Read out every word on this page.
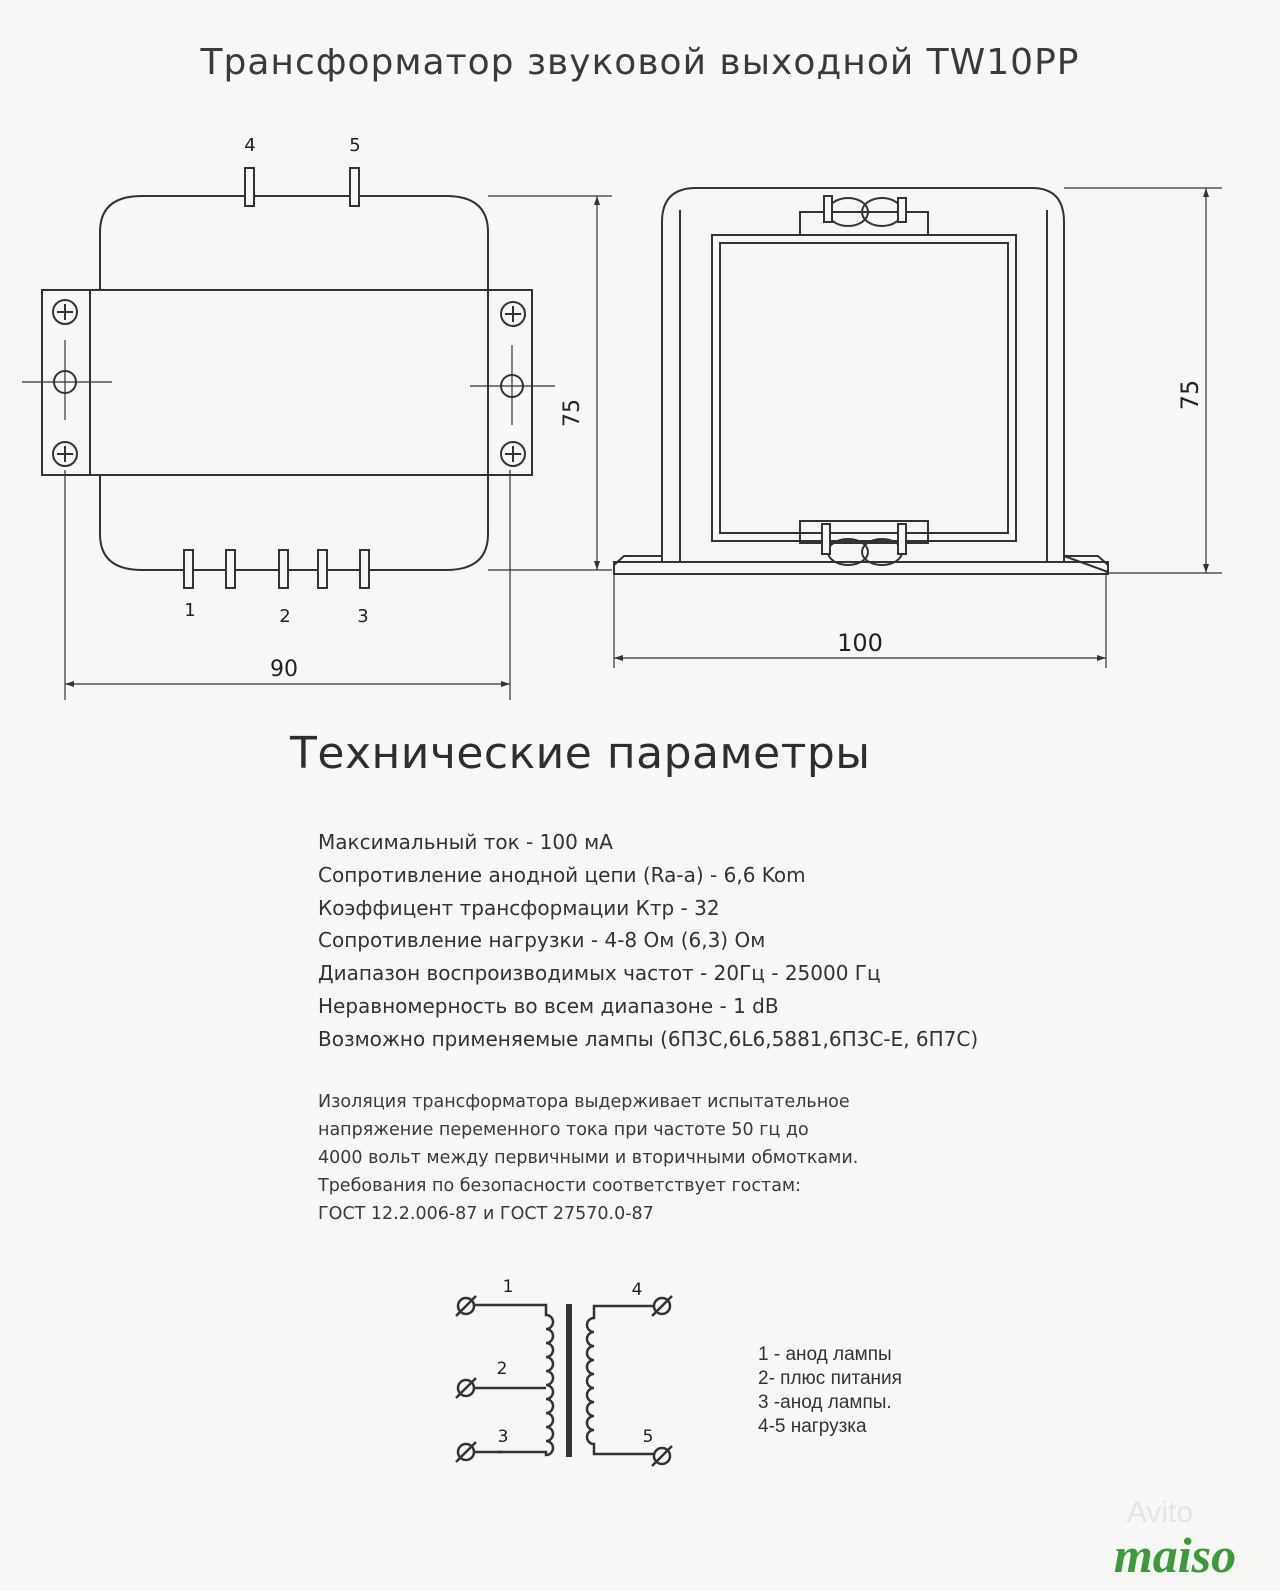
Трансформатор звуковой выходной TW10PP
4	5
1	2	3
90
75
100
75
1
2
3
4
5
Технические параметры
Максимальный ток - 100 мА
Сопротивление анодной цепи (Ra-a) - 6,6 Kom
Коэффицент трансформации Ктр - 32
Сопротивление нагрузки - 4-8 Ом (6,3) Ом
Диапазон воспроизводимых частот - 20Гц - 25000 Гц
Неравномерность во всем диапазоне - 1 dB
Возможно применяемые лампы (6П3С,6L6,5881,6П3С-Е, 6П7С)
Изоляция трансформатора выдерживает испытательное
напряжение переменного тока при частоте 50 гц до
4000 вольт между первичными и вторичными обмотками.
Требования по безопасности соответствует гостам:
ГОСТ 12.2.006-87 и ГОСТ 27570.0-87
1 - анод лампы
2- плюс питания
3 -анод лампы.
4-5 нагрузка
Avito
maiso
